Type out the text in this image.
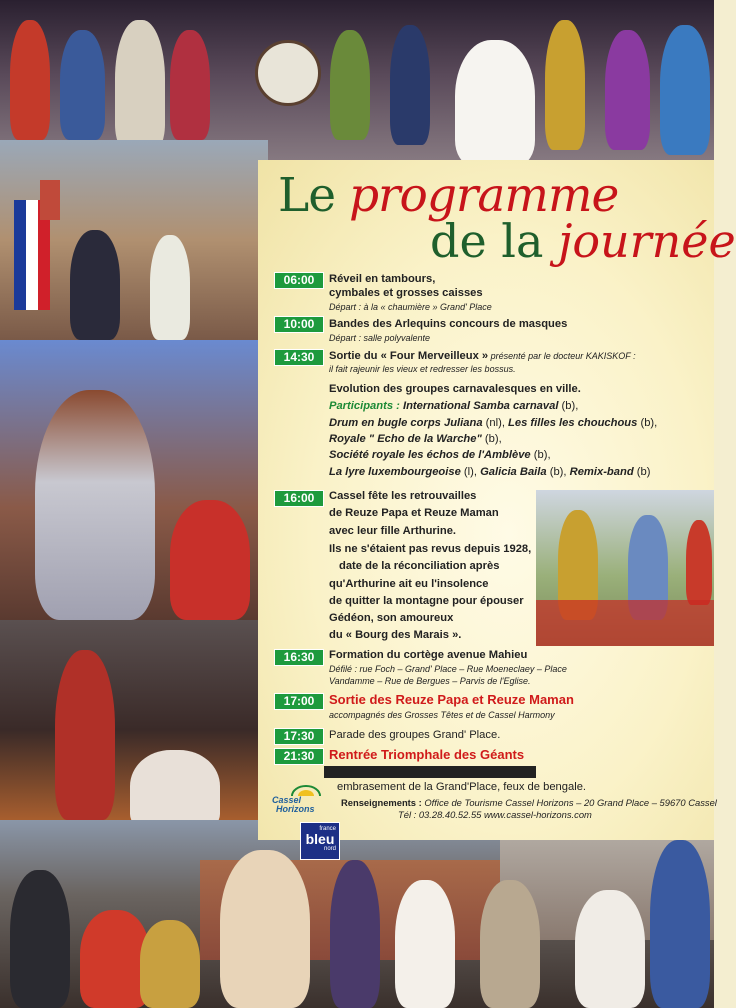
Le programme
de la journée
06:00	Réveil en tambours,
cymbales et grosses caisses
Départ : à la « chaumière » Grand' Place
10:00	Bandes des Arlequins concours de masques
Départ : salle polyvalente
14:30	Sortie du « Four Merveilleux » présenté par le docteur KAKISKOF :
il fait rajeunir les vieux et redresser les bossus.
Evolution des groupes carnavalesques en ville.
Participants : International Samba carnaval (b),
Drum en bugle corps Juliana (nl), Les filles les chouchous (b),
Royale " Echo de la Warche" (b),
Société royale les échos de l'Amblève (b),
La lyre luxembourgeoise (l), Galicia Baila (b), Remix-band (b)
16:00	Cassel fête les retrouvailles
de Reuze Papa et Reuze Maman
avec leur fille Arthurine.
Ils ne s'étaient pas revus depuis 1928,
date de la réconciliation après
qu'Arthurine ait eu l'insolence
de quitter la montagne pour épouser
Gédéon, son amoureux
du « Bourg des Marais ».
16:30	Formation du cortège avenue Mahieu
Défilé : rue Foch – Grand' Place – Rue Moeneclaey – Place
Vandamme – Rue de Bergues – Parvis de l'Eglise.
17:00	Sortie des Reuze Papa et Reuze Maman
accompagnés des Grosses Têtes et de Cassel Harmony
17:30	Parade des groupes Grand' Place.
21:30	Rentrée Triomphale des Géants
embrasement de la Grand'Place, feux de bengale.
Renseignements : Office de Tourisme Cassel Horizons – 20 Grand Place – 59670 Cassel
Tél : 03.28.40.52.55 www.cassel-horizons.com
Cassel
Horizons
france
bleu
nord
